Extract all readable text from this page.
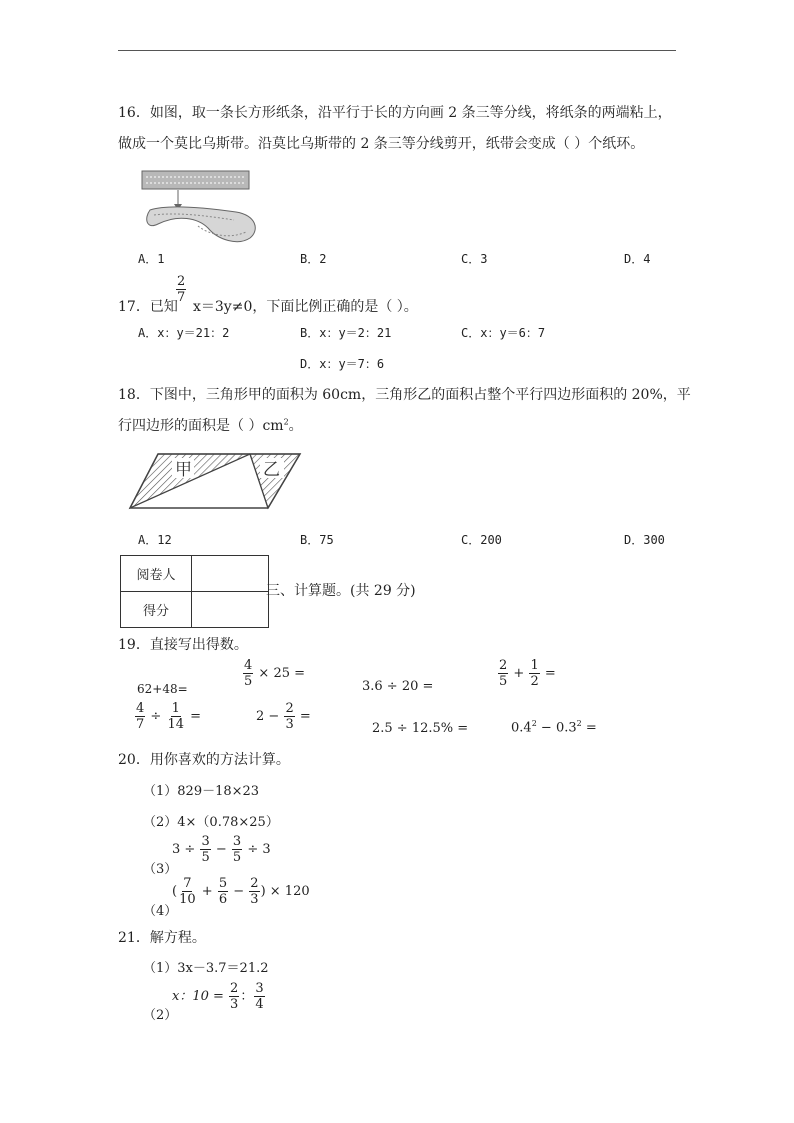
16．如图，取一条长方形纸条，沿平行于长的方向画 2 条三等分线，将纸条的两端粘上，
做成一个莫比乌斯带。沿莫比乌斯带的 2 条三等分线剪开，纸带会变成（ ）个纸环。
A．1	B．2	C．3	D．4
17．已知
$\frac{2}{7}$
x＝3y≠0，下面比例正确的是（ ）。
A．x：y＝21：2	B．x：y＝2：21	C．x：y＝6：7
D．x：y＝7：6
18．下图中，三角形甲的面积为 60cm，三角形乙的面积占整个平行四边形面积的 20%，平
行四边形的面积是（ ）$cm^2$。
甲	乙
A．12	B．75	C．200	D．300
阅卷人	
得分	
三、计算题。(共 29 分)
19．直接写出得数。
62+48=
$\frac{4}{5} \times 25$ =
3.6 ÷ 20 =	$\frac{2}{5} + \frac{1}{2}$ =
$\frac{4}{7} \div \frac{1}{14}$ =	$2 - \frac{2}{3}$ =
2.5 ÷ 12.5% =	$0.4^2 - 0.3^2$ =
20．用你喜欢的方法计算。
（1）829－18×23
（2）4×（0.78×25）
（3）
$3 \div \frac{3}{5} - \frac{3}{5} \div 3$
（4）
( $\frac{7}{10} + \frac{5}{6} - \frac{2}{3}$ ) × 120
21．解方程。
（1）3x－3.7＝21.2
（2）
x：$10 = \frac{2}{3}$ ： $\frac{3}{4}$
